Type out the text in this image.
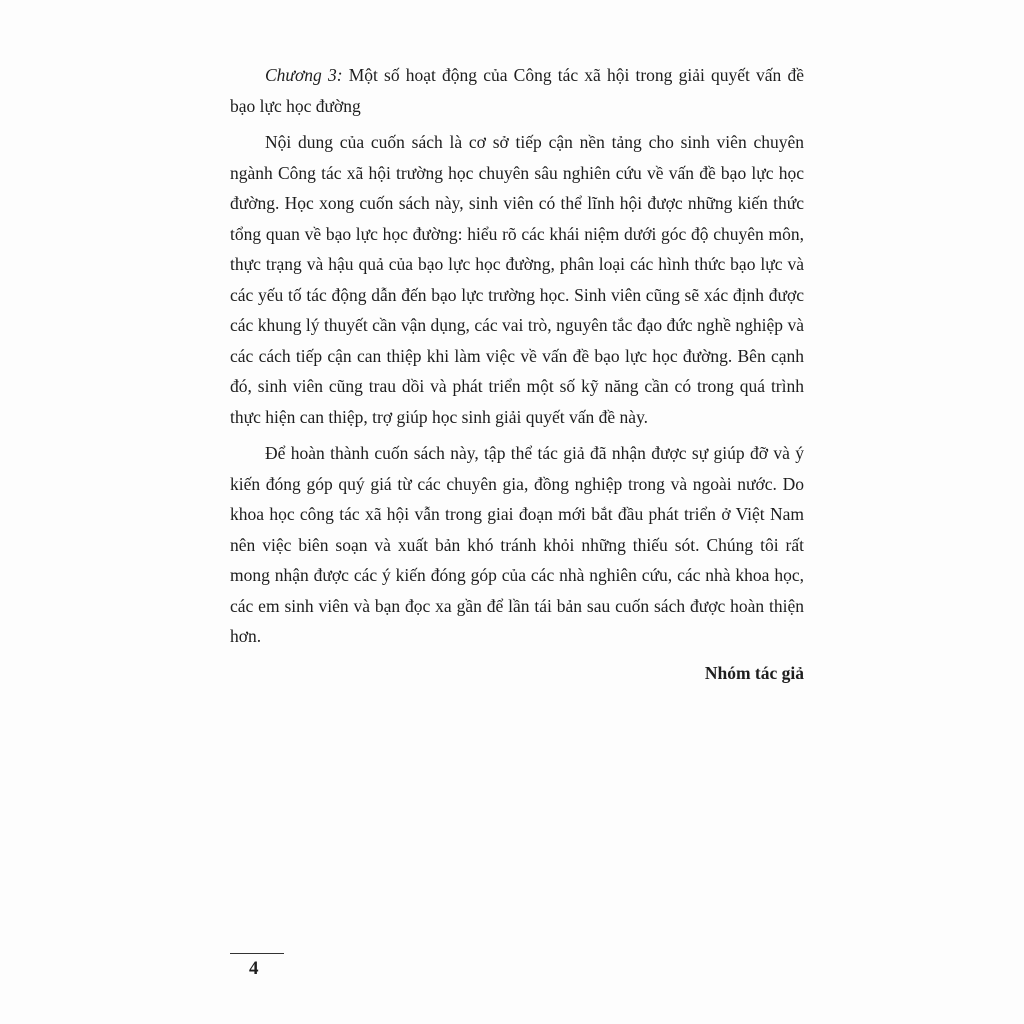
Chương 3: Một số hoạt động của Công tác xã hội trong giải quyết vấn đề bạo lực học đường

Nội dung của cuốn sách là cơ sở tiếp cận nền tảng cho sinh viên chuyên ngành Công tác xã hội trường học chuyên sâu nghiên cứu về vấn đề bạo lực học đường. Học xong cuốn sách này, sinh viên có thể lĩnh hội được những kiến thức tổng quan về bạo lực học đường: hiểu rõ các khái niệm dưới góc độ chuyên môn, thực trạng và hậu quả của bạo lực học đường, phân loại các hình thức bạo lực và các yếu tố tác động dẫn đến bạo lực trường học. Sinh viên cũng sẽ xác định được các khung lý thuyết cần vận dụng, các vai trò, nguyên tắc đạo đức nghề nghiệp và các cách tiếp cận can thiệp khi làm việc về vấn đề bạo lực học đường. Bên cạnh đó, sinh viên cũng trau dồi và phát triển một số kỹ năng cần có trong quá trình thực hiện can thiệp, trợ giúp học sinh giải quyết vấn đề này.

Để hoàn thành cuốn sách này, tập thể tác giả đã nhận được sự giúp đỡ và ý kiến đóng góp quý giá từ các chuyên gia, đồng nghiệp trong và ngoài nước. Do khoa học công tác xã hội vẫn trong giai đoạn mới bắt đầu phát triển ở Việt Nam nên việc biên soạn và xuất bản khó tránh khỏi những thiếu sót. Chúng tôi rất mong nhận được các ý kiến đóng góp của các nhà nghiên cứu, các nhà khoa học, các em sinh viên và bạn đọc xa gần để lần tái bản sau cuốn sách được hoàn thiện hơn.

Nhóm tác giả

4
